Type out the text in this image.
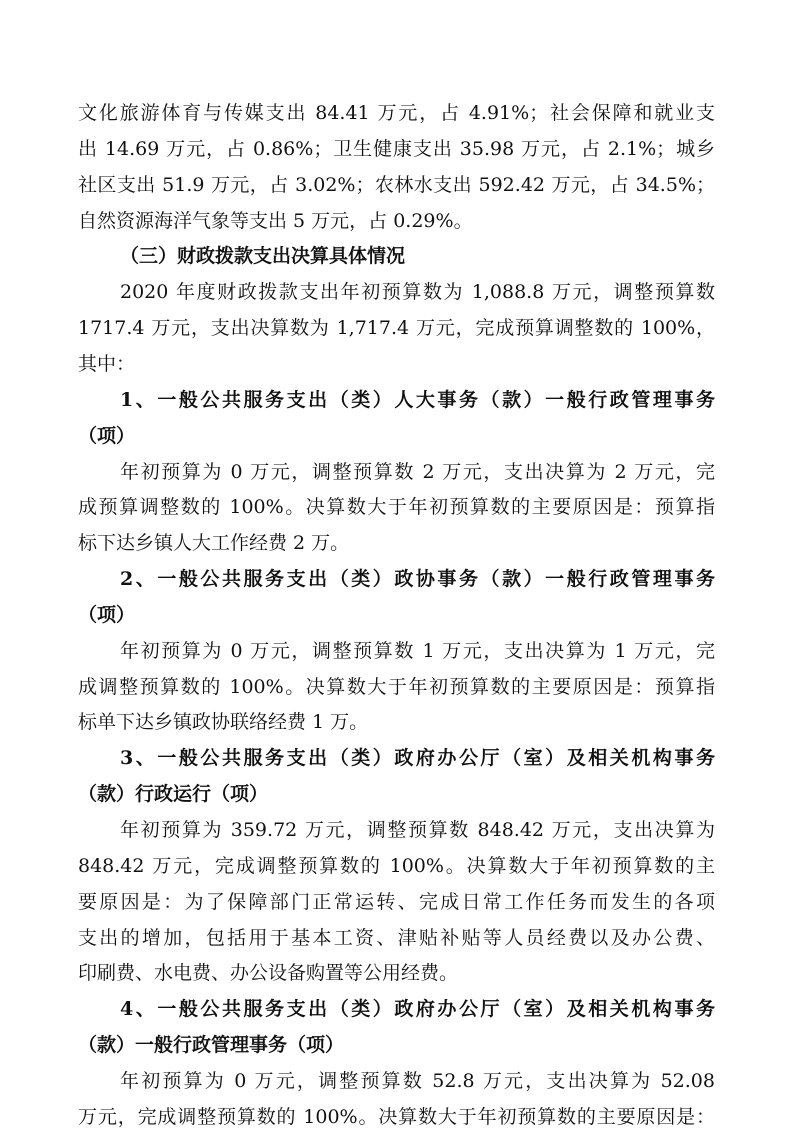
文化旅游体育与传媒支出 84.41 万元，占 4.91%；社会保障和就业支
出 14.69 万元，占 0.86%；卫生健康支出 35.98 万元，占 2.1%；城乡
社区支出 51.9 万元，占 3.02%；农林水支出 592.42 万元，占 34.5%；
自然资源海洋气象等支出 5 万元，占 0.29%。
（三）财政拨款支出决算具体情况
2020 年度财政拨款支出年初预算数为 1,088.8 万元，调整预算数
1717.4 万元，支出决算数为 1,717.4 万元，完成预算调整数的 100%，
其中：
1、一般公共服务支出（类）人大事务（款）一般行政管理事务
（项）
年初预算为 0 万元，调整预算数 2 万元，支出决算为 2 万元，完
成预算调整数的 100%。决算数大于年初预算数的主要原因是：预算指
标下达乡镇人大工作经费 2 万。
2、一般公共服务支出（类）政协事务（款）一般行政管理事务
（项）
年初预算为 0 万元，调整预算数 1 万元，支出决算为 1 万元，完
成调整预算数的 100%。决算数大于年初预算数的主要原因是：预算指
标单下达乡镇政协联络经费 1 万。
3、一般公共服务支出（类）政府办公厅（室）及相关机构事务
（款）行政运行（项）
年初预算为 359.72 万元，调整预算数 848.42 万元，支出决算为
848.42 万元，完成调整预算数的 100%。决算数大于年初预算数的主
要原因是：为了保障部门正常运转、完成日常工作任务而发生的各项
支出的增加，包括用于基本工资、津贴补贴等人员经费以及办公费、
印刷费、水电费、办公设备购置等公用经费。
4、一般公共服务支出（类）政府办公厅（室）及相关机构事务
（款）一般行政管理事务（项）
年初预算为 0 万元，调整预算数 52.8 万元，支出决算为 52.08
万元，完成调整预算数的 100%。决算数大于年初预算数的主要原因是：
